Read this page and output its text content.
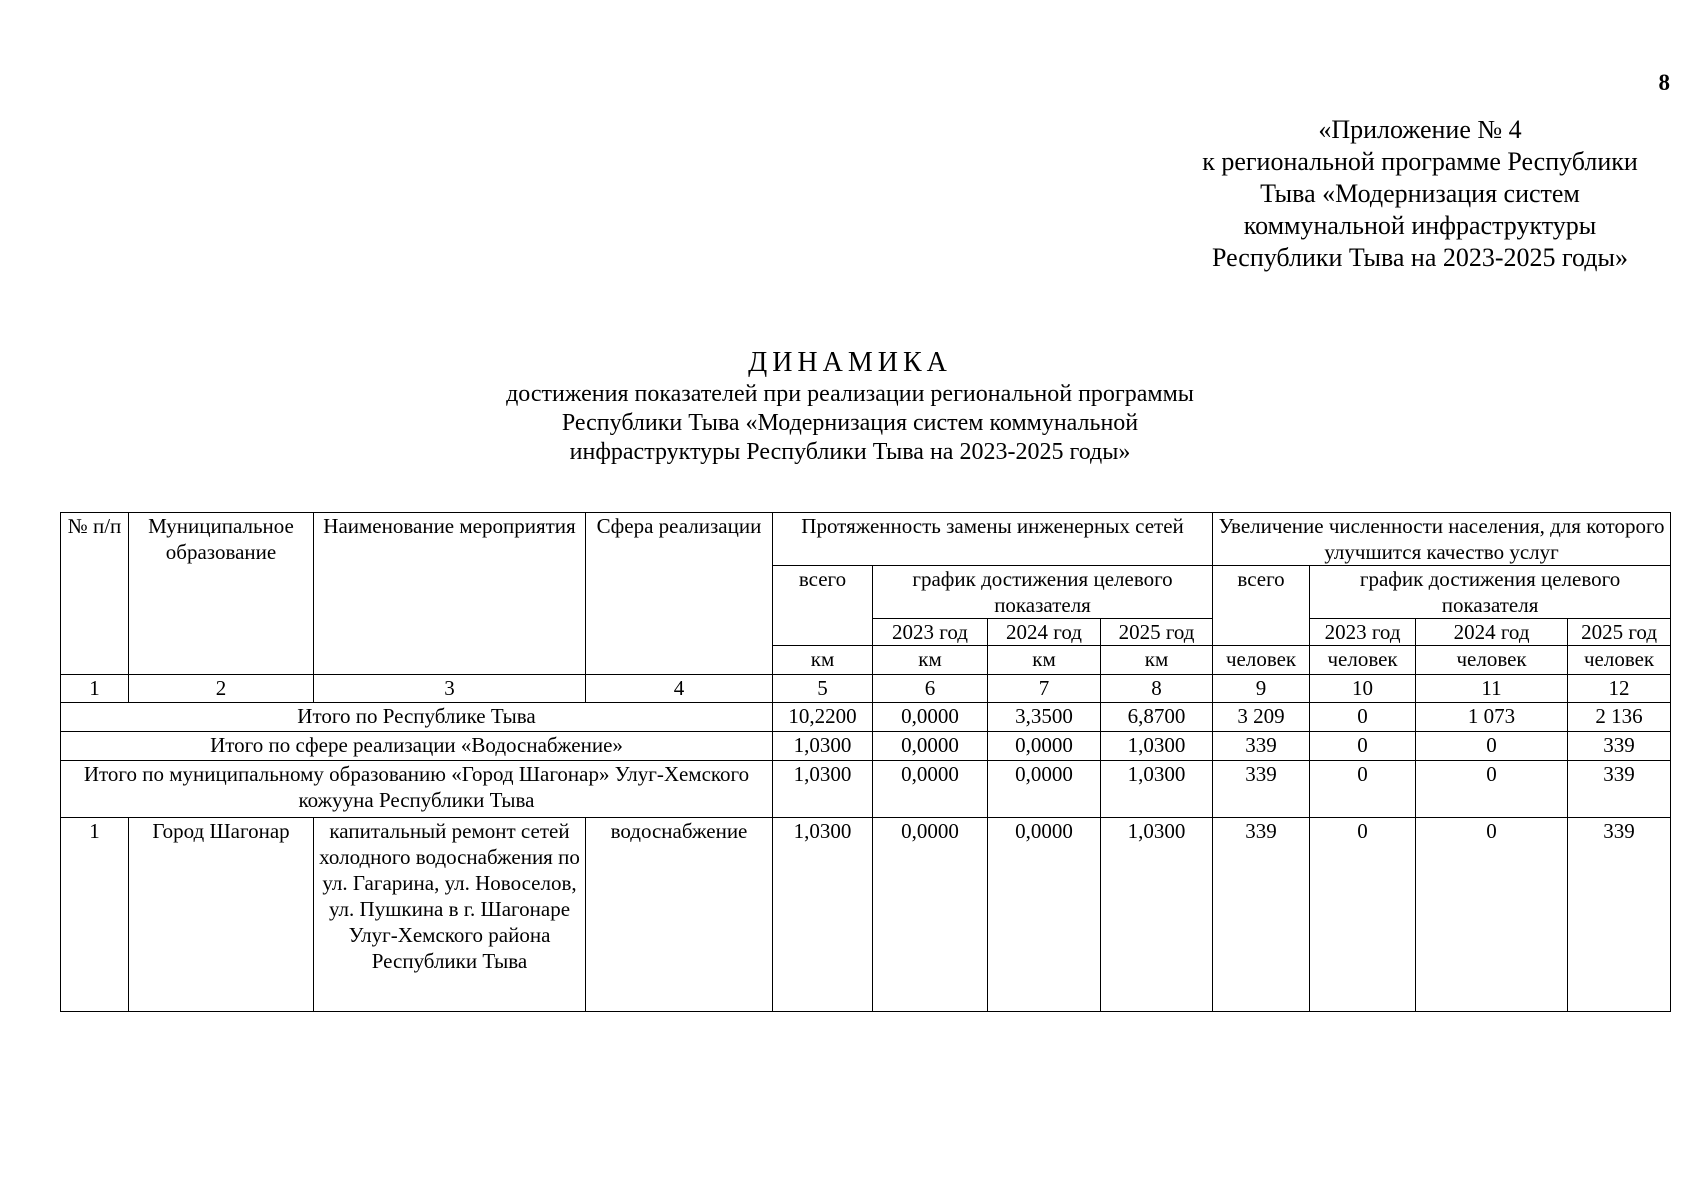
8
«Приложение № 4
к региональной программе Республики
Тыва «Модернизация систем
коммунальной инфраструктуры
Республики Тыва на 2023-2025 годы»
ДИНАМИКА
достижения показателей при реализации региональной программы
Республики Тыва «Модернизация систем коммунальной
инфраструктуры Республики Тыва на 2023-2025 годы»
№ п/п	Муниципальное образование	Наименование мероприятия	Сфера реализации	Протяженность замены инженерных сетей				Увеличение численности населения, для которого улучшится качество услуг			
				всего	график достижения целевого показателя			всего	график достижения целевого показателя		
					2023 год	2024 год	2025 год		2023 год	2024 год	2025 год
				км	км	км	км	человек	человек	человек	человек
1	2	3	4	5	6	7	8	9	10	11	12
Итого по Республике Тыва				10,2200	0,0000	3,3500	6,8700	3 209	0	1 073	2 136
Итого по сфере реализации «Водоснабжение»				1,0300	0,0000	0,0000	1,0300	339	0	0	339
Итого по муниципальному образованию «Город Шагонар» Улуг-Хемского кожууна Республики Тыва				1,0300	0,0000	0,0000	1,0300	339	0	0	339
1	Город Шагонар	капитальный ремонт сетей холодного водоснабжения по ул. Гагарина, ул. Новоселов, ул. Пушкина в г. Шагонаре Улуг-Хемского района Республики Тыва	водоснабжение	1,0300	0,0000	0,0000	1,0300	339	0	0	339
